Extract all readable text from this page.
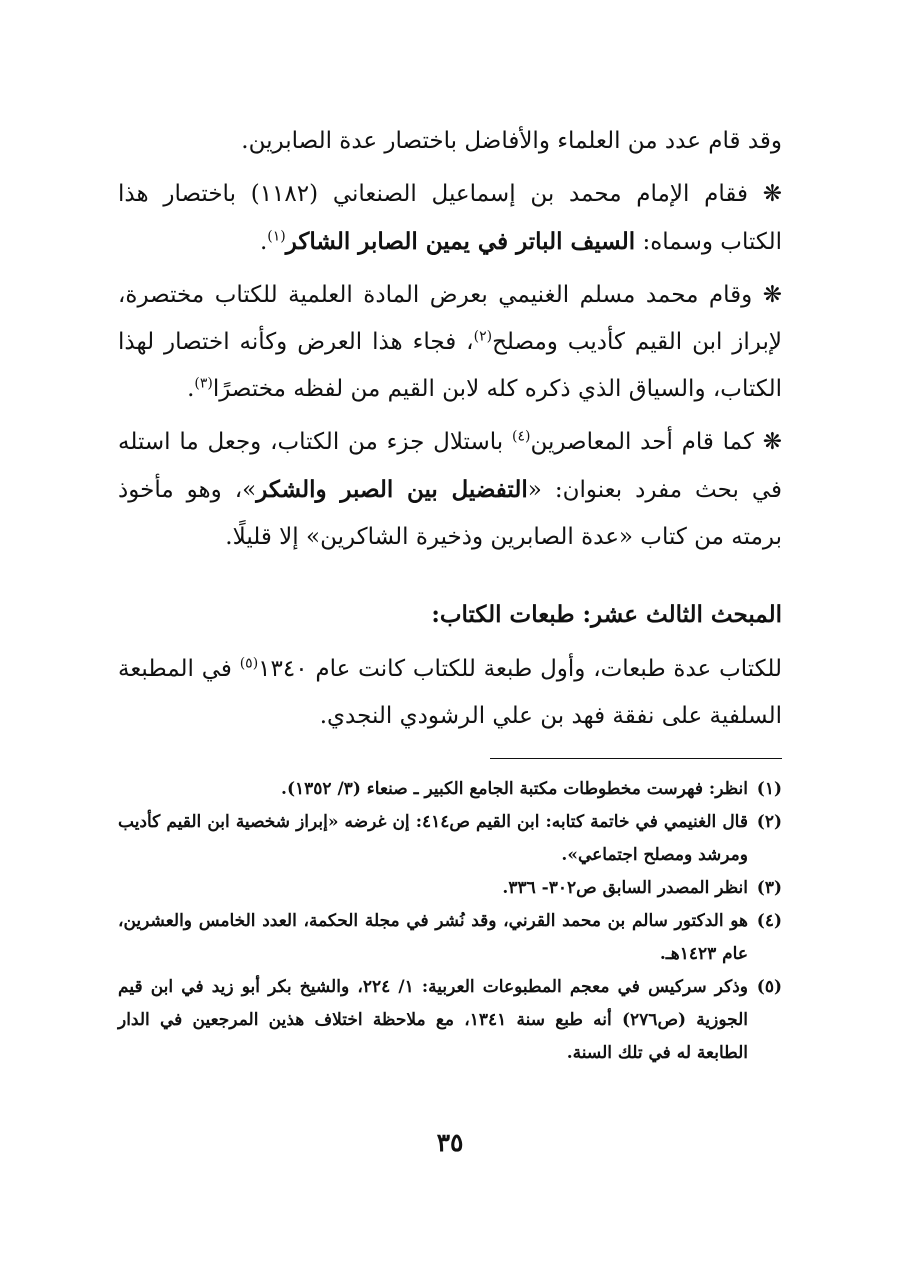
وقد قام عدد من العلماء والأفاضل باختصار عدة الصابرين.

❋ فقام الإمام محمد بن إسماعيل الصنعاني (١١٨٢) باختصار هذا الكتاب وسماه: السيف الباتر في يمين الصابر الشاكر$^{(١)}$.

❋ وقام محمد مسلم الغنيمي بعرض المادة العلمية للكتاب مختصرة، لإبراز ابن القيم كأديب ومصلح$^{(٢)}$، فجاء هذا العرض وكأنه اختصار لهذا الكتاب، والسياق الذي ذكره كله لابن القيم من لفظه مختصرًا$^{(٣)}$.

❋ كما قام أحد المعاصرين$^{(٤)}$ باستلال جزء من الكتاب، وجعل ما استله في بحث مفرد بعنوان: «التفضيل بين الصبر والشكر»، وهو مأخوذ برمته من كتاب «عدة الصابرين وذخيرة الشاكرين» إلا قليلًا.

المبحث الثالث عشر: طبعات الكتاب:

للكتاب عدة طبعات، وأول طبعة للكتاب كانت عام ١٣٤٠$^{(٥)}$ في المطبعة السلفية على نفقة فهد بن علي الرشودي النجدي.

(١)
انظر: فهرست مخطوطات مكتبة الجامع الكبير ـ صنعاء (٣/ ١٣٥٢).
(٢)
قال الغنيمي في خاتمة كتابه: ابن القيم ص٤١٤: إن غرضه «إبراز شخصية ابن القيم كأديب ومرشد ومصلح اجتماعي».
(٣)
انظر المصدر السابق ص٣٠٢- ٣٣٦.
(٤)
هو الدكتور سالم بن محمد القرني، وقد نُشر في مجلة الحكمة، العدد الخامس والعشرين، عام ١٤٢٣هـ.
(٥)
وذكر سركيس في معجم المطبوعات العربية: ١/ ٢٢٤، والشيخ بكر أبو زيد في ابن قيم الجوزية (ص٢٧٦) أنه طبع سنة ١٣٤١، مع ملاحظة اختلاف هذين المرجعين في الدار الطابعة له في تلك السنة.
٣٥
